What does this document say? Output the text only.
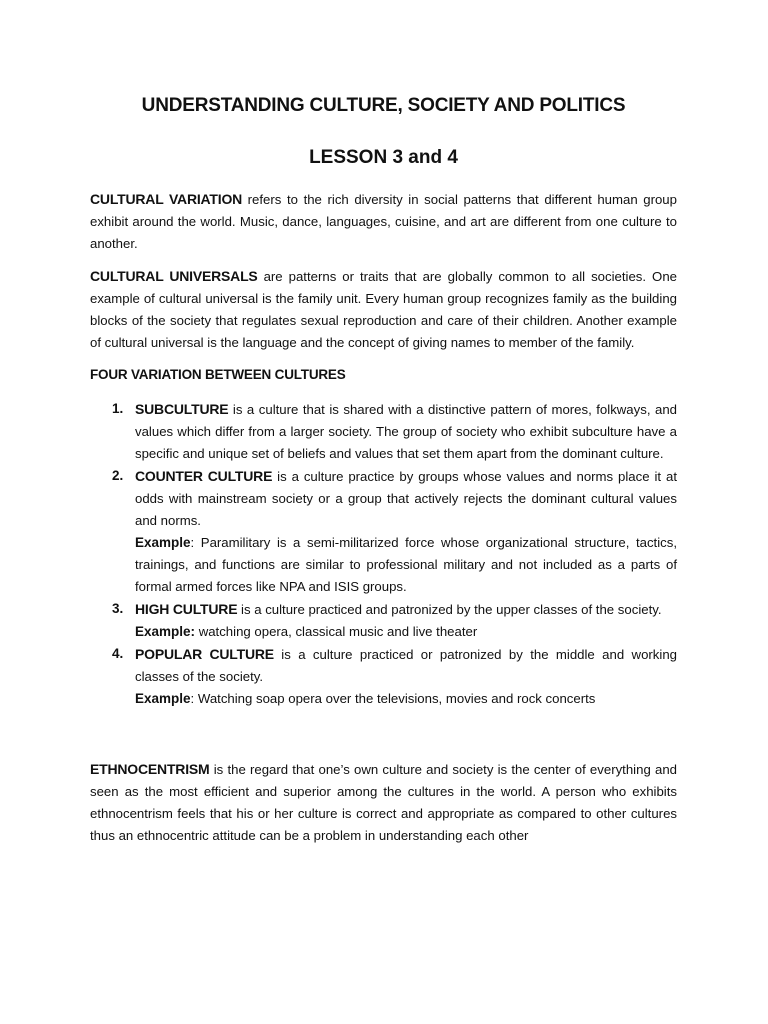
UNDERSTANDING CULTURE, SOCIETY AND POLITICS
LESSON 3 and 4

CULTURAL VARIATION refers to the rich diversity in social patterns that different human group exhibit around the world. Music, dance, languages, cuisine, and art are different from one culture to another.

CULTURAL UNIVERSALS are patterns or traits that are globally common to all societies. One example of cultural universal is the family unit. Every human group recognizes family as the building blocks of the society that regulates sexual reproduction and care of their children. Another example of cultural universal is the language and the concept of giving names to member of the family.

FOUR VARIATION BETWEEN CULTURES
1. SUBCULTURE is a culture that is shared with a distinctive pattern of mores, folkways, and values which differ from a larger society. The group of society who exhibit subculture have a specific and unique set of beliefs and values that set them apart from the dominant culture.

2. COUNTER CULTURE is a culture practice by groups whose values and norms place it at odds with mainstream society or a group that actively rejects the dominant cultural values and norms.

Example: Paramilitary is a semi-militarized force whose organizational structure, tactics, trainings, and functions are similar to professional military and not included as a parts of formal armed forces like NPA and ISIS groups.

3. HIGH CULTURE is a culture practiced and patronized by the upper classes of the society.

Example: watching opera, classical music and live theater

4. POPULAR CULTURE is a culture practiced or patronized by the middle and working classes of the society.

Example: Watching soap opera over the televisions, movies and rock concerts

ETHNOCENTRISM is the regard that one’s own culture and society is the center of everything and seen as the most efficient and superior among the cultures in the world. A person who exhibits ethnocentrism feels that his or her culture is correct and appropriate as compared to other cultures thus an ethnocentric attitude can be a problem in understanding each other
